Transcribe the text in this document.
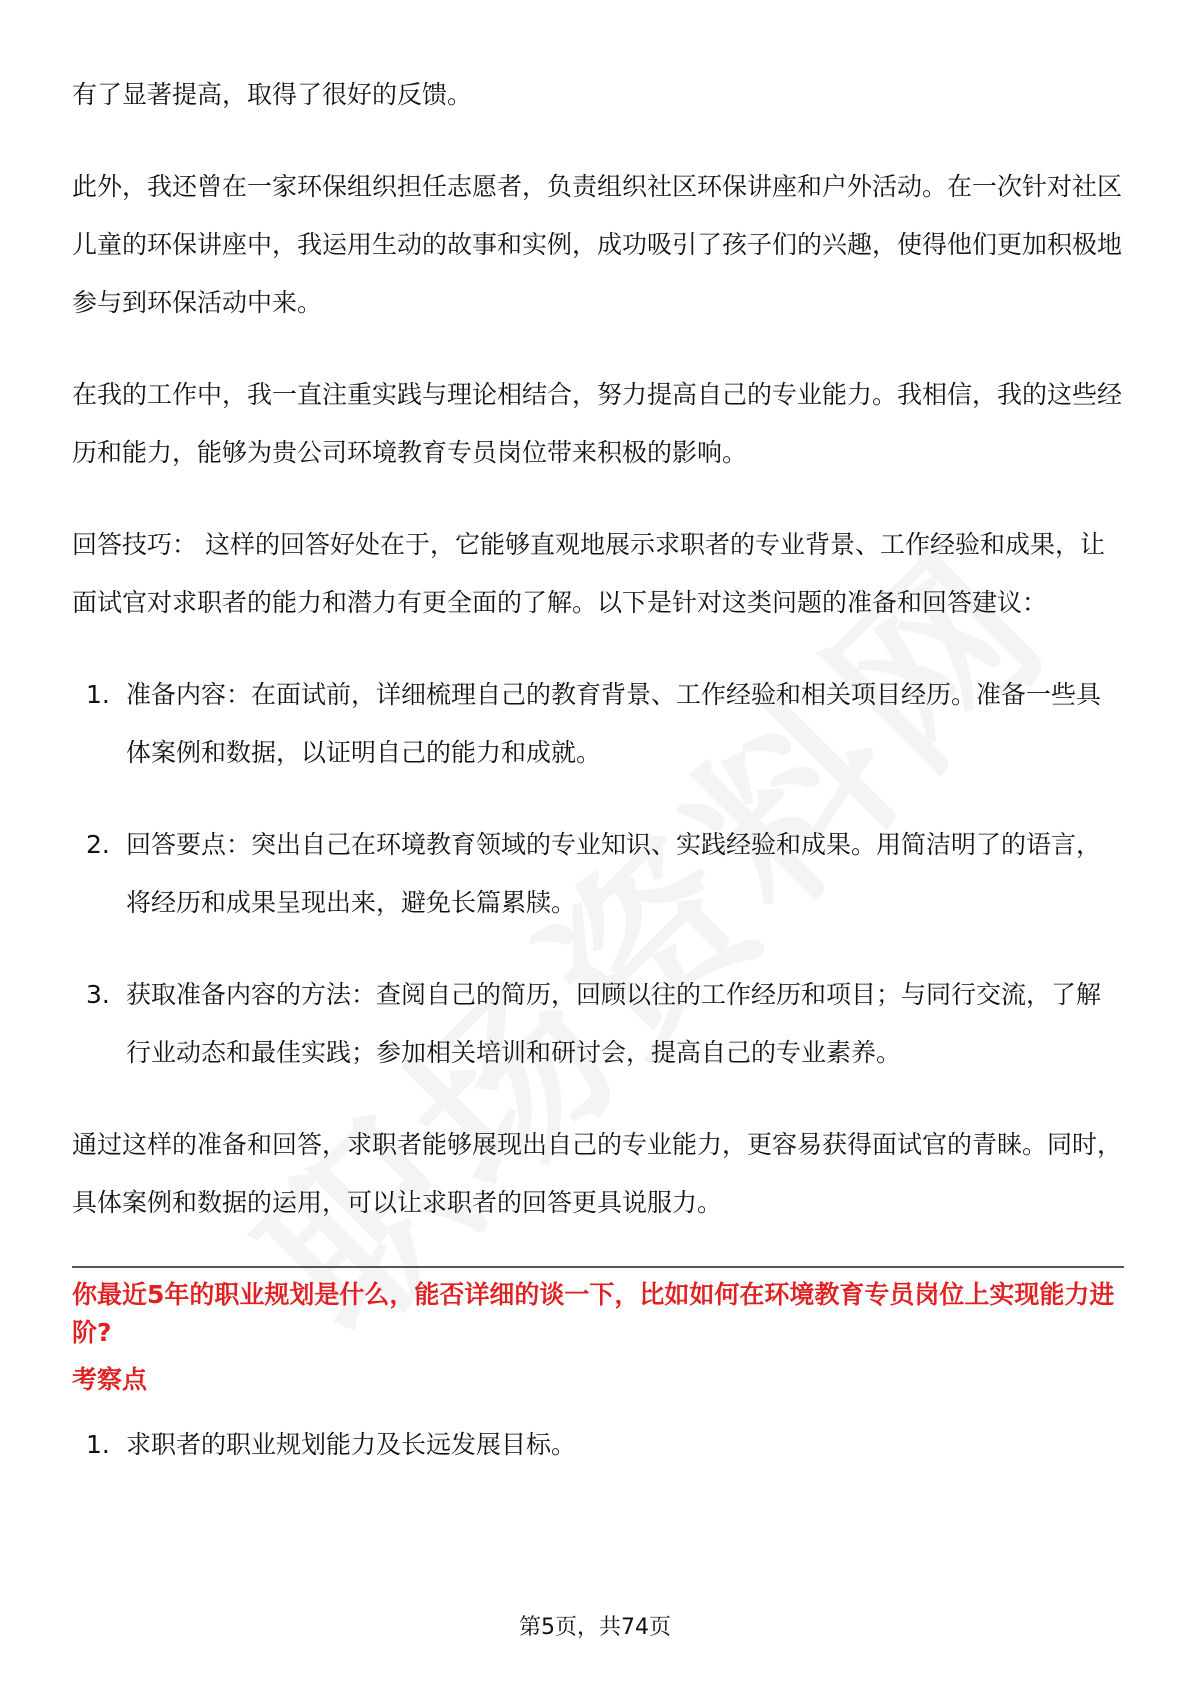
有了显著提高，取得了很好的反馈。

此外，我还曾在一家环保组织担任志愿者，负责组织社区环保讲座和户外活动。在一次针对社区儿童的环保讲座中，我运用生动的故事和实例，成功吸引了孩子们的兴趣，使得他们更加积极地参与到环保活动中来。

在我的工作中，我一直注重实践与理论相结合，努力提高自己的专业能力。我相信，我的这些经历和能力，能够为贵公司环境教育专员岗位带来积极的影响。

回答技巧： 这样的回答好处在于，它能够直观地展示求职者的专业背景、工作经验和成果，让面试官对求职者的能力和潜力有更全面的了解。以下是针对这类问题的准备和回答建议：

1. 准备内容：在面试前，详细梳理自己的教育背景、工作经验和相关项目经历。准备一些具体案例和数据，以证明自己的能力和成就。
2. 回答要点：突出自己在环境教育领域的专业知识、实践经验和成果。用简洁明了的语言，将经历和成果呈现出来，避免长篇累牍。
3. 获取准备内容的方法：查阅自己的简历，回顾以往的工作经历和项目；与同行交流，了解行业动态和最佳实践；参加相关培训和研讨会，提高自己的专业素养。

通过这样的准备和回答，求职者能够展现出自己的专业能力，更容易获得面试官的青睐。同时，具体案例和数据的运用，可以让求职者的回答更具说服力。

你最近5年的职业规划是什么，能否详细的谈一下，比如如何在环境教育专员岗位上实现能力进阶?

考察点
1. 求职者的职业规划能力及长远发展目标。
第5页，共74页
